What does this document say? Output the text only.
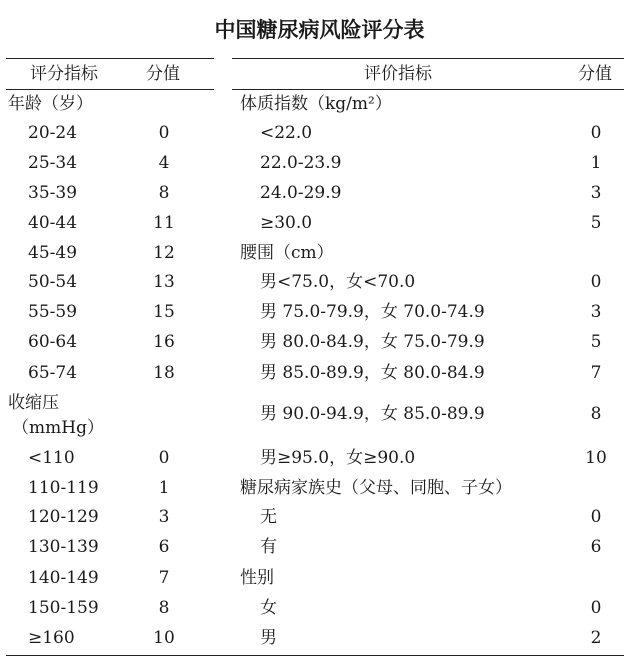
中国糖尿病风险评分表
评分指标	分值	评价指标	分值
年龄（岁）
20-24	0
25-34	4
35-39	8
40-44	11
45-49	12
50-54	13
55-59	15
60-64	16
65-74	18
收缩压
（mmHg）
<110	0
110-119	1
120-129	3
130-139	6
140-149	7
150-159	8
≥160	10
体质指数（kg/m²）
<22.0	0
22.0-23.9	1
24.0-29.9	3
≥30.0	5
腰围（cm）
男<75.0，女<70.0	0
男 75.0-79.9，女 70.0-74.9	3
男 80.0-84.9，女 75.0-79.9	5
男 85.0-89.9，女 80.0-84.9	7
男 90.0-94.9，女 85.0-89.9	8
男≥95.0，女≥90.0	10
糖尿病家族史（父母、同胞、子女）
无	0
有	6
性别
女	0
男	2
